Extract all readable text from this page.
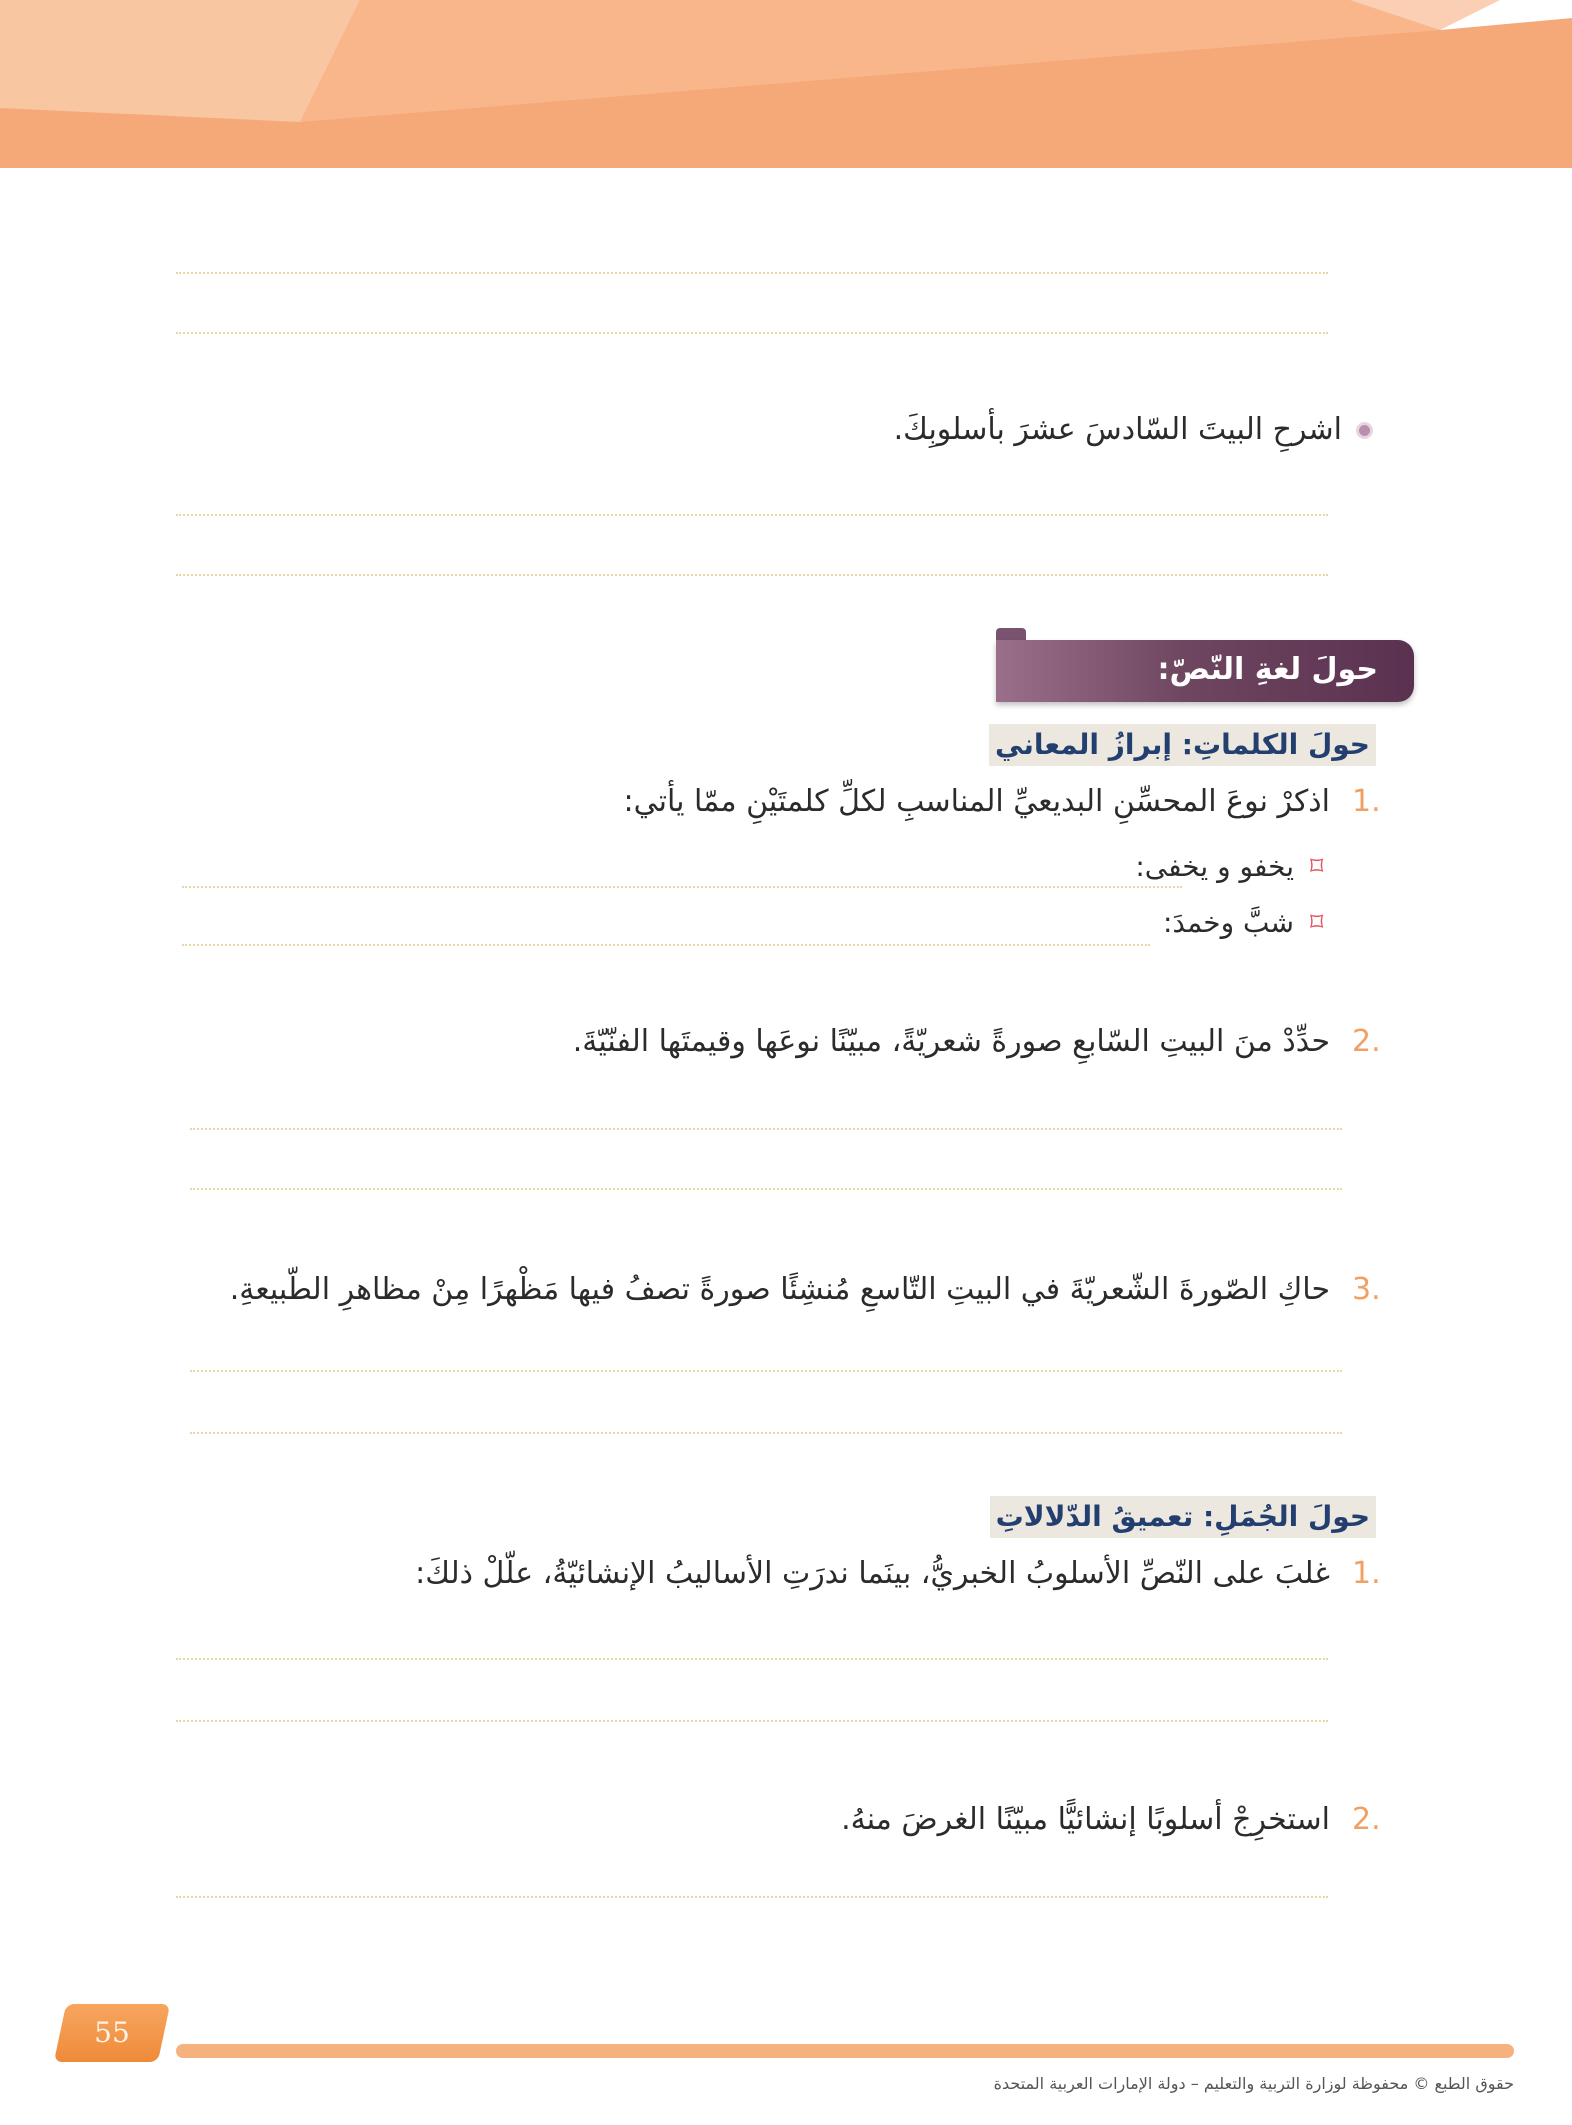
اشرحِ البيتَ السّادسَ عشرَ بأسلوبِكَ.
حولَ لغةِ النّصّ:
حولَ الكلماتِ: إبرازُ المعاني
1.
اذكرْ نوعَ المحسِّنِ البديعيِّ المناسبِ لكلِّ كلمتَيْنِ ممّا يأتي:
⌑
يخفو و يخفى:
⌑
شبَّ وخمدَ:
2.
حدِّدْ منَ البيتِ السّابعِ صورةً شعريّةً، مبيّنًا نوعَها وقيمتَها الفنّيّةَ.
3.
حاكِ الصّورةَ الشّعريّةَ في البيتِ التّاسعِ مُنشِئًا صورةً تصفُ فيها مَظْهرًا مِنْ مظاهرِ الطّبيعةِ.
حولَ الجُمَلِ: تعميقُ الدّلالاتِ
1.
غلبَ على النّصِّ الأسلوبُ الخبريُّ، بينَما ندرَتِ الأساليبُ الإنشائيّةُ، علّلْ ذلكَ:
2.
استخرِجْ أسلوبًا إنشائيًّا مبيّنًا الغرضَ منهُ.
55
حقوق الطبع © محفوظة لوزارة التربية والتعليم – دولة الإمارات العربية المتحدة
